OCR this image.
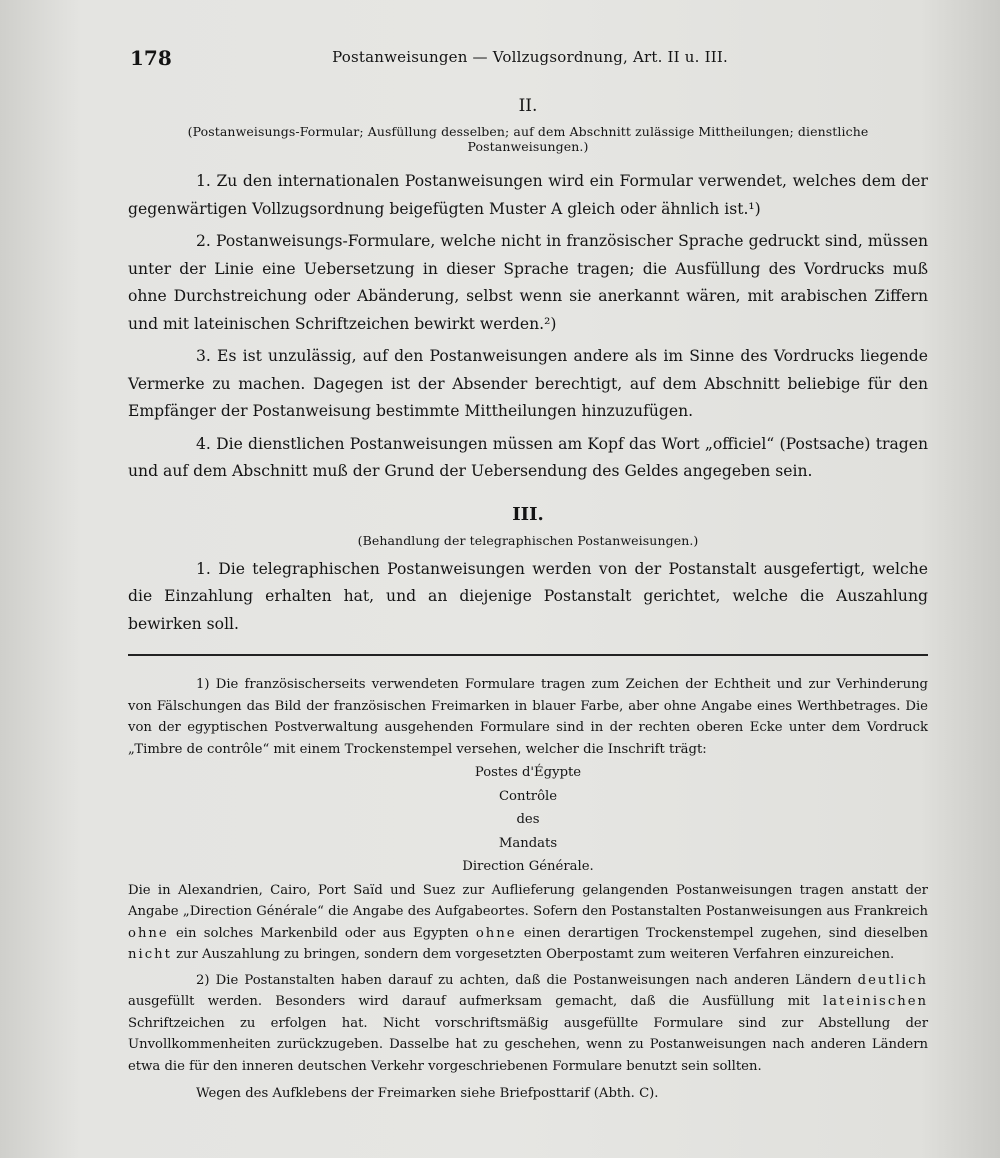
178	Postanweisungen — Vollzugsordnung, Art. II u. III.
II.
(Postanweisungs-Formular; Ausfüllung desselben; auf dem Abschnitt zulässige Mittheilungen; dienstliche Postanweisungen.)

1. Zu den internationalen Postanweisungen wird ein Formular verwendet, welches dem der gegenwärtigen Vollzugsordnung beigefügten Muster A gleich oder ähnlich ist.¹)

2. Postanweisungs-Formulare, welche nicht in französischer Sprache gedruckt sind, müssen unter der Linie eine Uebersetzung in dieser Sprache tragen; die Ausfüllung des Vordrucks muß ohne Durchstreichung oder Abänderung, selbst wenn sie anerkannt wären, mit arabischen Ziffern und mit lateinischen Schriftzeichen bewirkt werden.²)

3. Es ist unzulässig, auf den Postanweisungen andere als im Sinne des Vordrucks liegende Vermerke zu machen. Dagegen ist der Absender berechtigt, auf dem Abschnitt beliebige für den Empfänger der Postanweisung bestimmte Mittheilungen hinzuzufügen.

4. Die dienstlichen Postanweisungen müssen am Kopf das Wort „officiel“ (Postsache) tragen und auf dem Abschnitt muß der Grund der Uebersendung des Geldes angegeben sein.

III.
(Behandlung der telegraphischen Postanweisungen.)

1. Die telegraphischen Postanweisungen werden von der Postanstalt ausgefertigt, welche die Einzahlung erhalten hat, und an diejenige Postanstalt gerichtet, welche die Auszahlung bewirken soll.

1) Die französischerseits verwendeten Formulare tragen zum Zeichen der Echtheit und zur Verhinderung von Fälschungen das Bild der französischen Freimarken in blauer Farbe, aber ohne Angabe eines Werthbetrages. Die von der egyptischen Postverwaltung ausgehenden Formulare sind in der rechten oberen Ecke unter dem Vordruck „Timbre de contrôle“ mit einem Trockenstempel versehen, welcher die Inschrift trägt:

Postes d'Égypte
Contrôle
des
Mandats
Direction Générale.

Die in Alexandrien, Cairo, Port Saïd und Suez zur Auflieferung gelangenden Postanweisungen tragen anstatt der Angabe „Direction Générale“ die Angabe des Aufgabeortes. Sofern den Postanstalten Postanweisungen aus Frankreich ohne ein solches Markenbild oder aus Egypten ohne einen derartigen Trockenstempel zugehen, sind dieselben nicht zur Auszahlung zu bringen, sondern dem vorgesetzten Oberpostamt zum weiteren Verfahren einzureichen.

2) Die Postanstalten haben darauf zu achten, daß die Postanweisungen nach anderen Ländern deutlich ausgefüllt werden. Besonders wird darauf aufmerksam gemacht, daß die Ausfüllung mit lateinischen Schriftzeichen zu erfolgen hat. Nicht vorschriftsmäßig ausgefüllte Formulare sind zur Abstellung der Unvollkommenheiten zurückzugeben. Dasselbe hat zu geschehen, wenn zu Postanweisungen nach anderen Ländern etwa die für den inneren deutschen Verkehr vorgeschriebenen Formulare benutzt sein sollten.

Wegen des Aufklebens der Freimarken siehe Briefposttarif (Abth. C).
